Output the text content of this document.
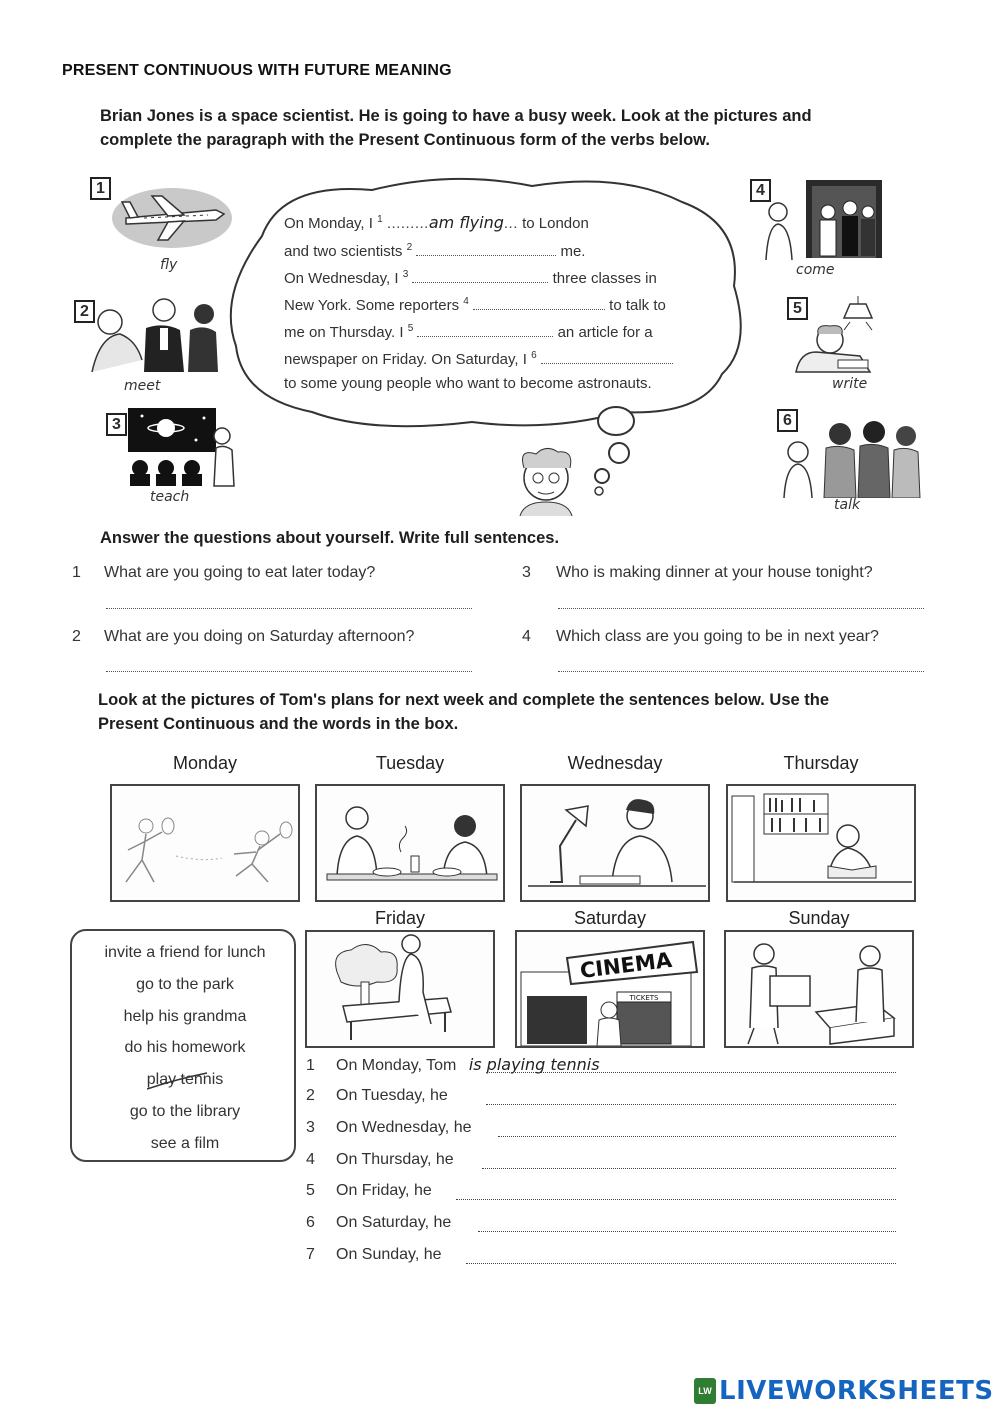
PRESENT CONTINUOUS WITH FUTURE MEANING
Brian Jones is a space scientist. He is going to have a busy week. Look at the pictures and
complete the paragraph with the Present Continuous form of the verbs below.
1
fly
2
meet
3
teach
On Monday, I $^1$ .........am flying... to London
and two scientists $^2$	me.
On Wednesday, I $^3$	three classes in
New York. Some reporters $^4$	to talk to
me on Thursday. I $^5$	an article for a
newspaper on Friday. On Saturday, I $^6$
to some young people who want to become astronauts.
4
come
5
write
6
talk
Answer the questions about yourself. Write full sentences.
1 What are you going to eat later today?
2 What are you doing on Saturday afternoon?
3 Who is making dinner at your house tonight?
4 Which class are you going to be in next year?
Look at the pictures of Tom's plans for next week and complete the sentences below. Use the
Present Continuous and the words in the box.
Monday	Tuesday	Wednesday	Thursday
Friday	Saturday	Sunday
CINEMA
TICKETS
invite a friend for lunch
go to the park
help his grandma
do his homework
play tennis
go to the library
see a film
1 On Monday, Tom is playing tennis
2 On Tuesday, he
3 On Wednesday, he
4 On Thursday, he
5 On Friday, he
6 On Saturday, he
7 On Sunday, he
LW LIVEWORKSHEETS
